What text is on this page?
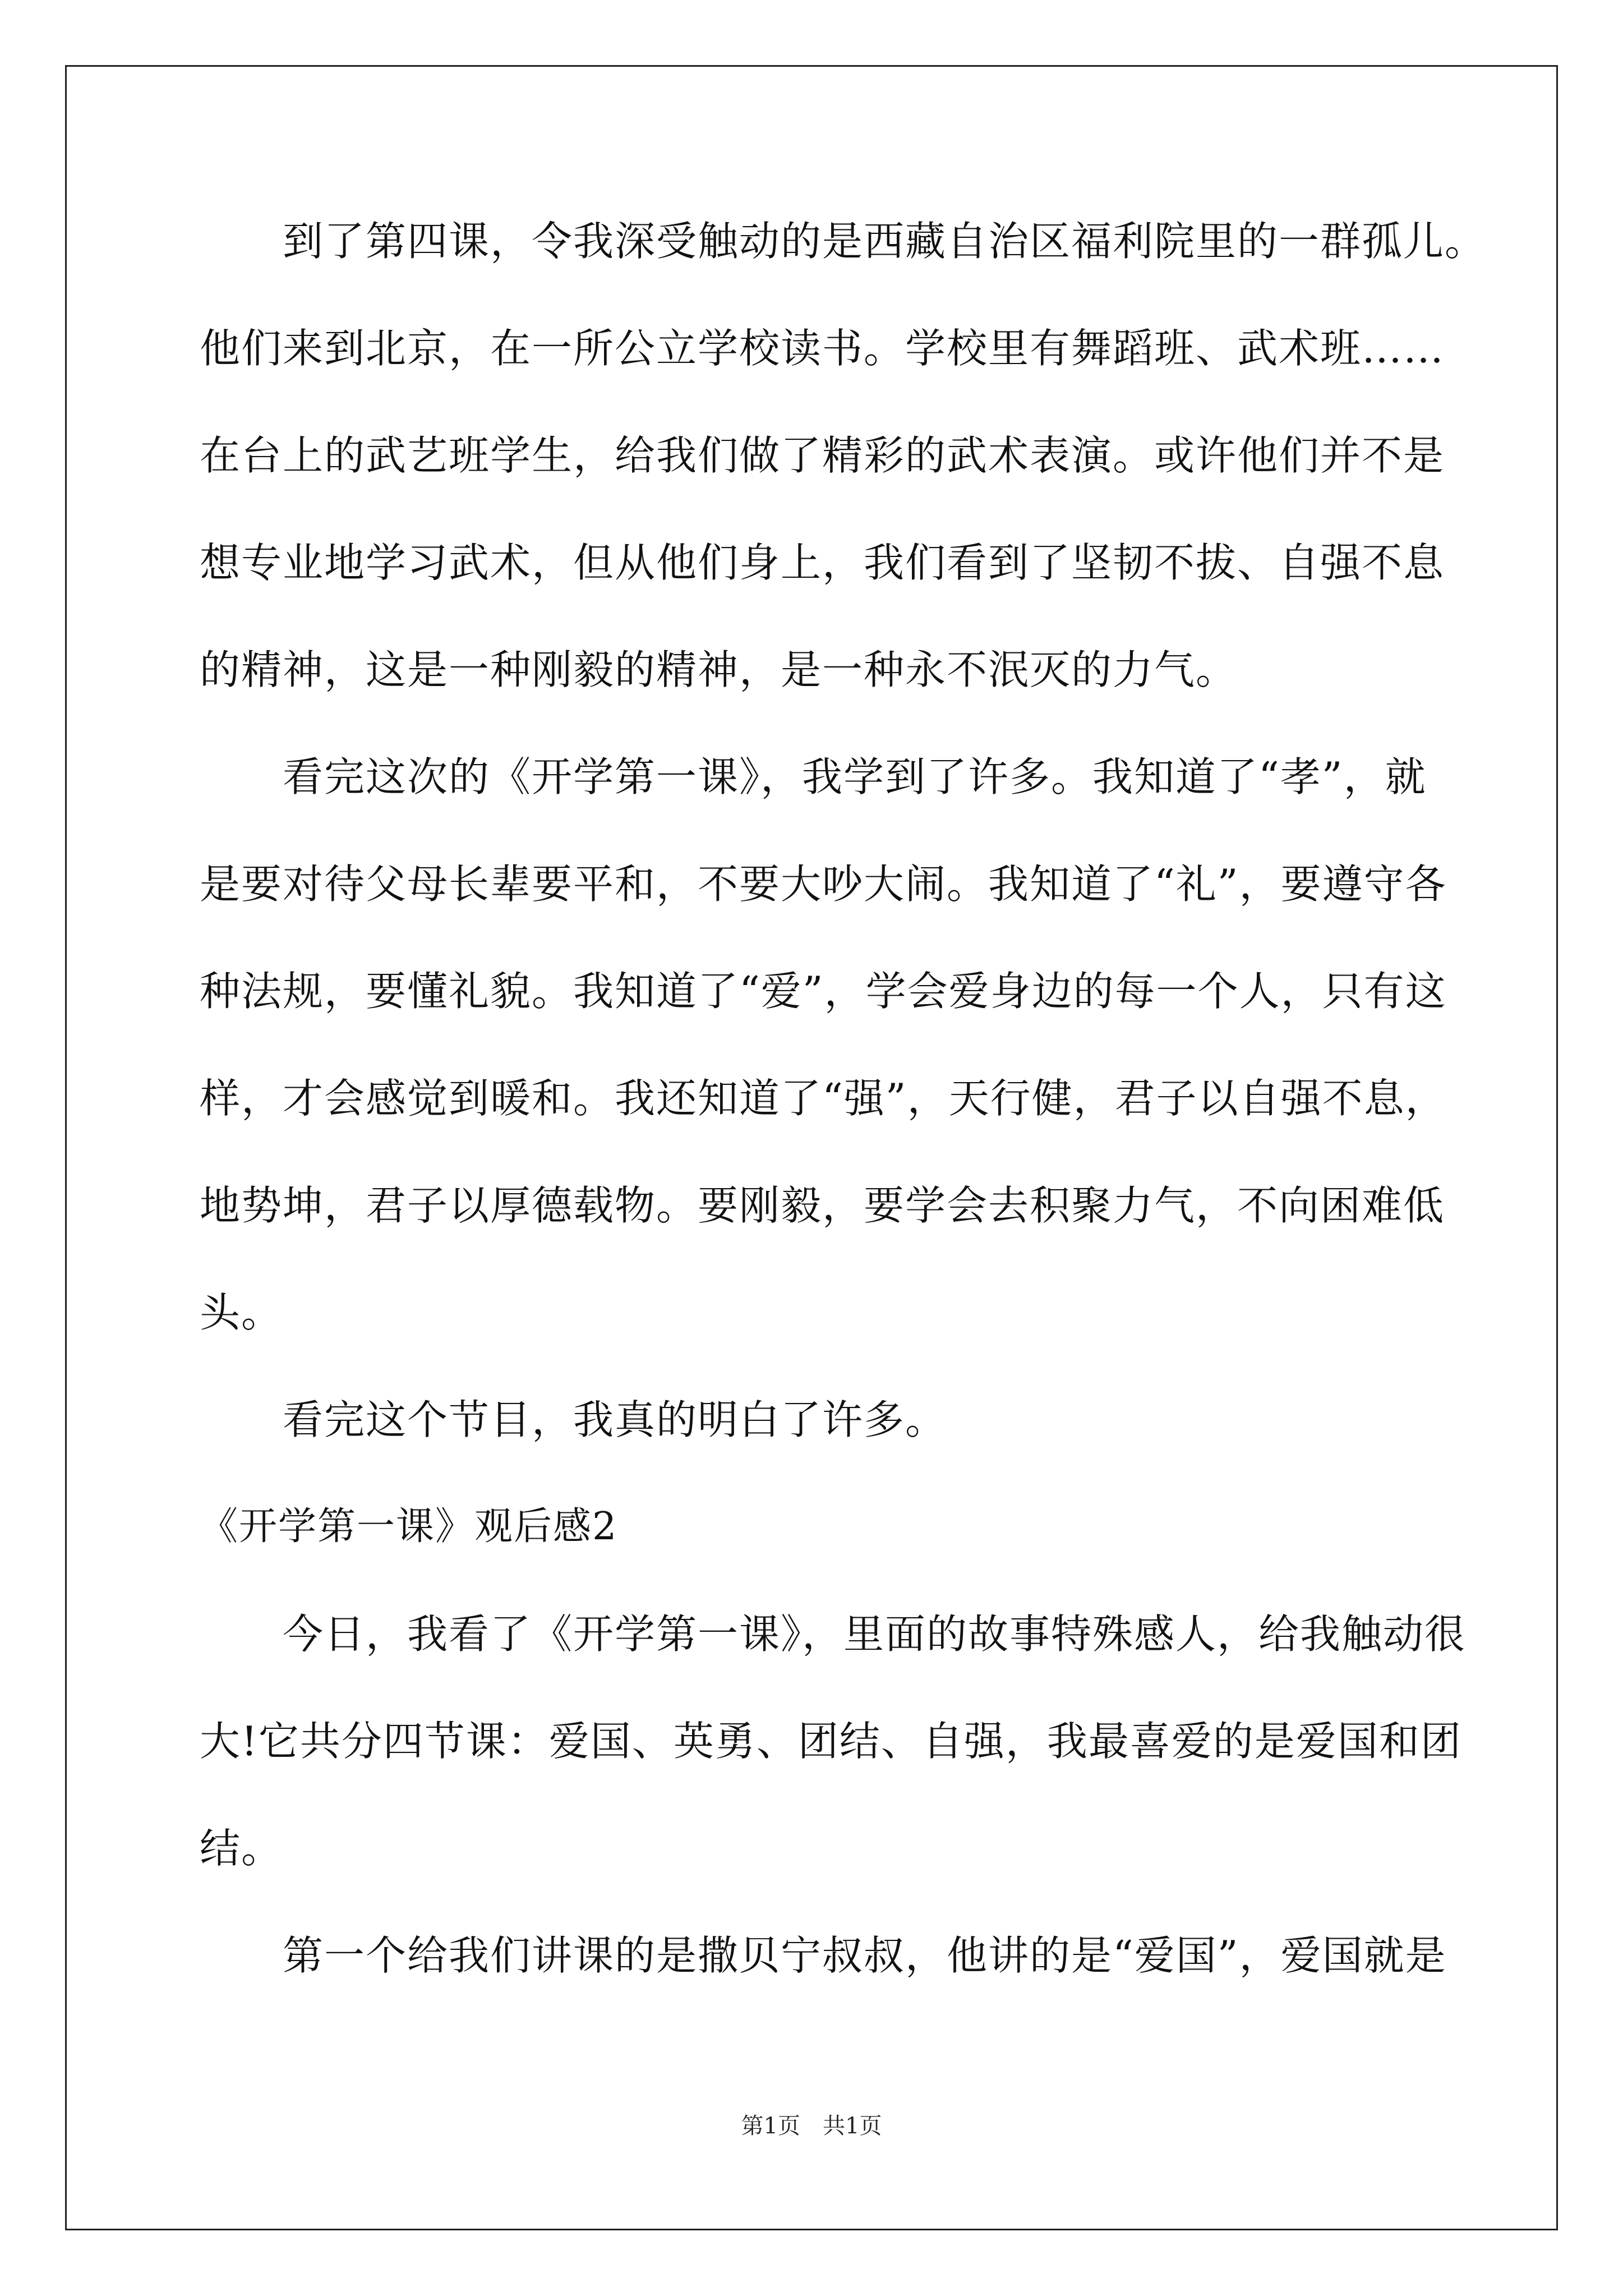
到了第四课，令我深受触动的是西藏自治区福利院里的一群孤儿。
他们来到北京，在一所公立学校读书。学校里有舞蹈班、武术班……
在台上的武艺班学生，给我们做了精彩的武术表演。或许他们并不是
想专业地学习武术，但从他们身上，我们看到了坚韧不拔、自强不息
的精神，这是一种刚毅的精神，是一种永不泯灭的力气。
看完这次的《开学第一课》，我学到了许多。我知道了“孝”，就
是要对待父母长辈要平和，不要大吵大闹。我知道了“礼”，要遵守各
种法规，要懂礼貌。我知道了“爱”，学会爱身边的每一个人，只有这
样，才会感觉到暖和。我还知道了“强”，天行健，君子以自强不息，
地势坤，君子以厚德载物。要刚毅，要学会去积聚力气，不向困难低
头。
看完这个节目，我真的明白了许多。
《开学第一课》观后感2
今日，我看了《开学第一课》，里面的故事特殊感人，给我触动很
大!它共分四节课：爱国、英勇、团结、自强，我最喜爱的是爱国和团
结。
第一个给我们讲课的是撒贝宁叔叔，他讲的是“爱国”，爱国就是
第1页　共1页
